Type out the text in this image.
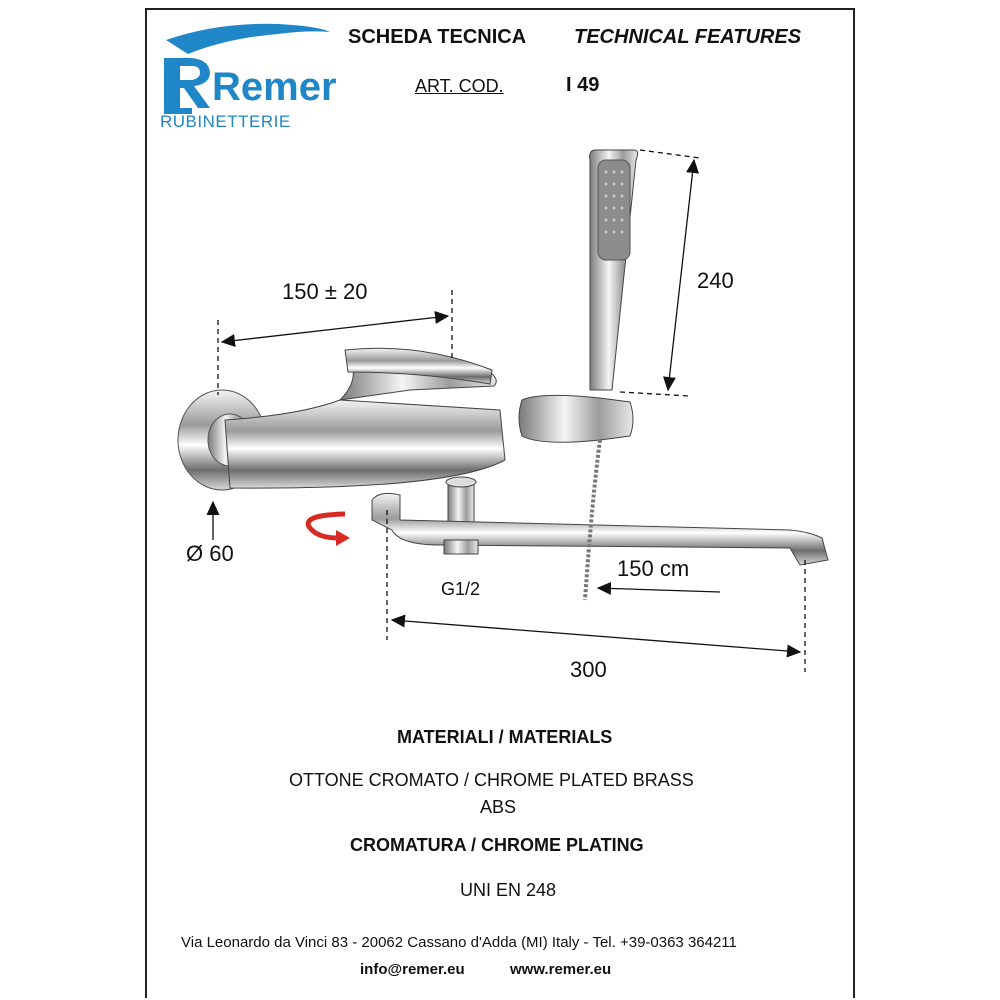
Remer
RUBINETTERIE
SCHEDA TECNICA TECHNICAL FEATURES
ART. COD.	I 49
150 ± 20	240
Ø 60
G1/2
150 cm
300
MATERIALI / MATERIALS
OTTONE CROMATO / CHROME PLATED BRASS
ABS
CROMATURA / CHROME PLATING
UNI EN 248
Via Leonardo da Vinci 83 - 20062 Cassano d'Adda (MI) Italy - Tel. +39-0363 364211
info@remer.eu	www.remer.eu
